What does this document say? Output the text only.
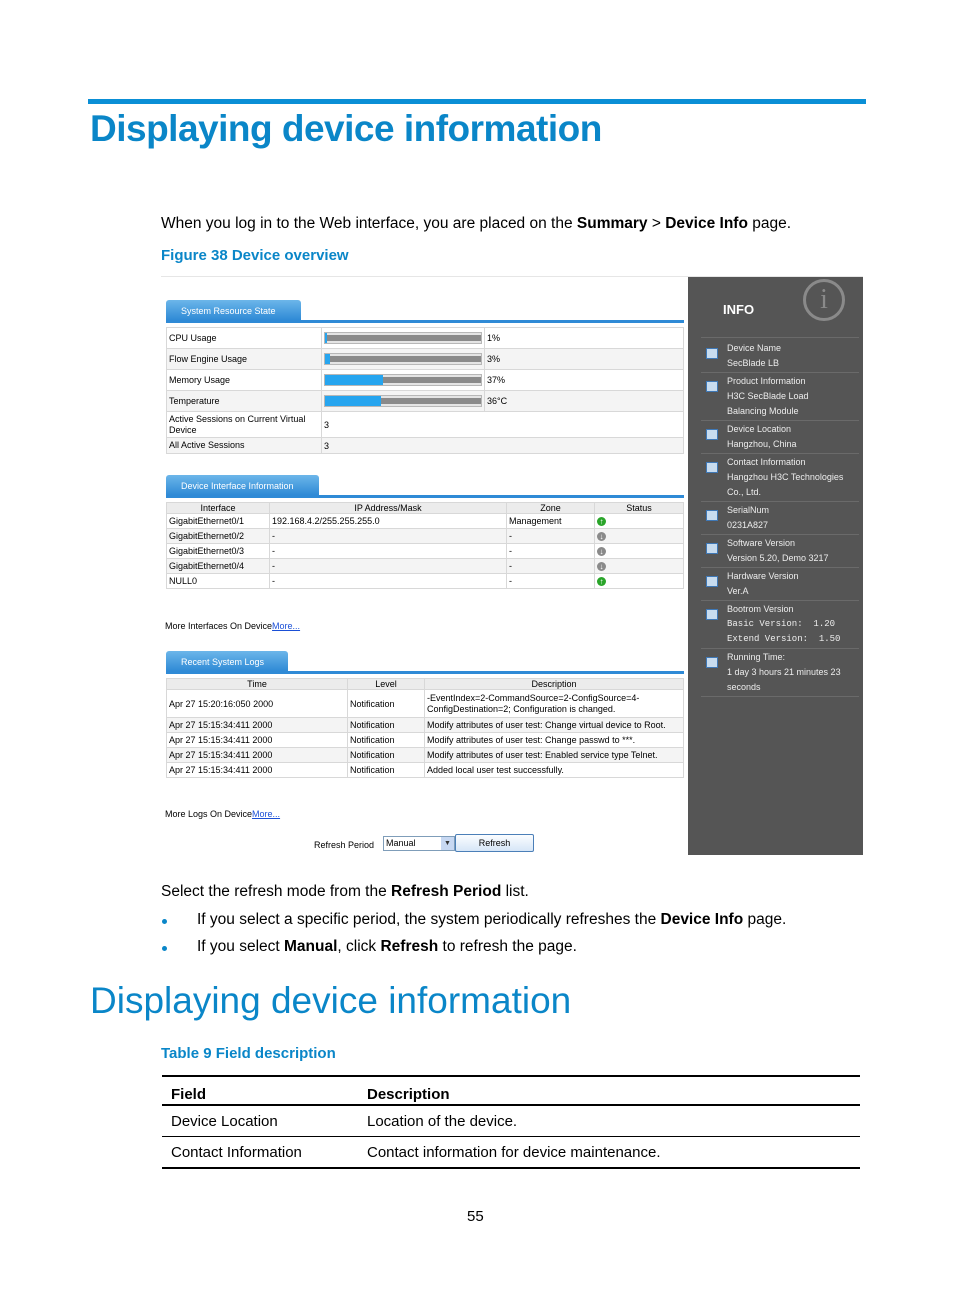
Displaying device information
When you log in to the Web interface, you are placed on the Summary > Device Info page.
Figure 38 Device overview
System Resource State
CPU Usage		1%
Flow Engine Usage		3%
Memory Usage		37%
Temperature		36°C
Active Sessions on Current Virtual Device	3	
All Active Sessions	3	
Device Interface Information
Interface	IP Address/Mask	Zone	Status
GigabitEthernet0/1	192.168.4.2/255.255.255.0	Management	↑
GigabitEthernet0/2	-	-	↓
GigabitEthernet0/3	-	-	↓
GigabitEthernet0/4	-	-	↓
NULL0	-	-	↑
More Interfaces On DeviceMore...
Recent System Logs
Time	Level	Description
Apr 27 15:20:16:050 2000	Notification	-EventIndex=2-CommandSource=2-ConfigSource=4-
ConfigDestination=2; Configuration is changed.

Apr 27 15:15:34:411 2000	Notification	Modify attributes of user test: Change virtual device to Root.

Apr 27 15:15:34:411 2000	Notification	Modify attributes of user test: Change passwd to ***.

Apr 27 15:15:34:411 2000	Notification	Modify attributes of user test: Enabled service type Telnet.

Apr 27 15:15:34:411 2000	Notification	Added local user test successfully.
More Logs On DeviceMore...
Refresh Period Manual	▼	Refresh
INFO	i
Device Name
SecBlade LB
Product Information
H3C SecBlade Load
Balancing Module
Device Location
Hangzhou, China
Contact Information
Hangzhou H3C Technologies
Co., Ltd.
SerialNum
0231A827
Software Version
Version 5.20, Demo 3217
Hardware Version
Ver.A
Bootrom Version
Basic Version:  1.20
Extend Version:  1.50
Running Time:
1 day 3 hours 21 minutes 23
seconds
Select the refresh mode from the Refresh Period list.
If you select a specific period, the system periodically refreshes the Device Info page.
If you select Manual, click Refresh to refresh the page.
Displaying device information
Table 9 Field description
Field	Description
Device Location	Location of the device.
Contact Information	Contact information for device maintenance.
55
